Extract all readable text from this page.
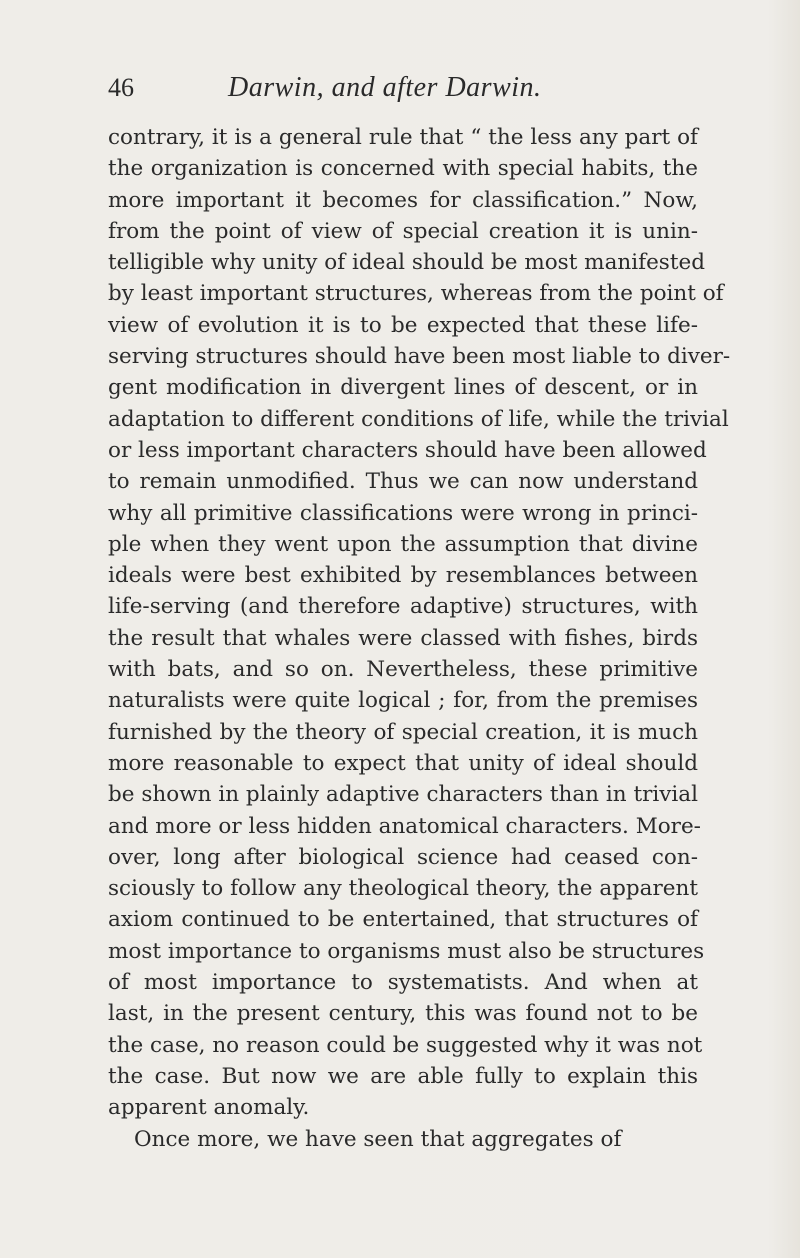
46	Darwin, and after Darwin.
contrary, it is a general rule that “ the less any part of
the organization is concerned with special habits, the
more important it becomes for classification.” Now,
from the point of view of special creation it is unin-
telligible why unity of ideal should be most manifested
by least important structures, whereas from the point of
view of evolution it is to be expected that these life-
serving structures should have been most liable to diver-
gent modification in divergent lines of descent, or in
adaptation to different conditions of life, while the trivial
or less important characters should have been allowed
to remain unmodified. Thus we can now understand
why all primitive classifications were wrong in princi-
ple when they went upon the assumption that divine
ideals were best exhibited by resemblances between
life-serving (and therefore adaptive) structures, with
the result that whales were classed with fishes, birds
with bats, and so on. Nevertheless, these primitive
naturalists were quite logical ; for, from the premises
furnished by the theory of special creation, it is much
more reasonable to expect that unity of ideal should
be shown in plainly adaptive characters than in trivial
and more or less hidden anatomical characters. More-
over, long after biological science had ceased con-
sciously to follow any theological theory, the apparent
axiom continued to be entertained, that structures of
most importance to organisms must also be structures
of most importance to systematists. And when at
last, in the present century, this was found not to be
the case, no reason could be suggested why it was not
the case. But now we are able fully to explain this
apparent anomaly.
Once more, we have seen that aggregates of
